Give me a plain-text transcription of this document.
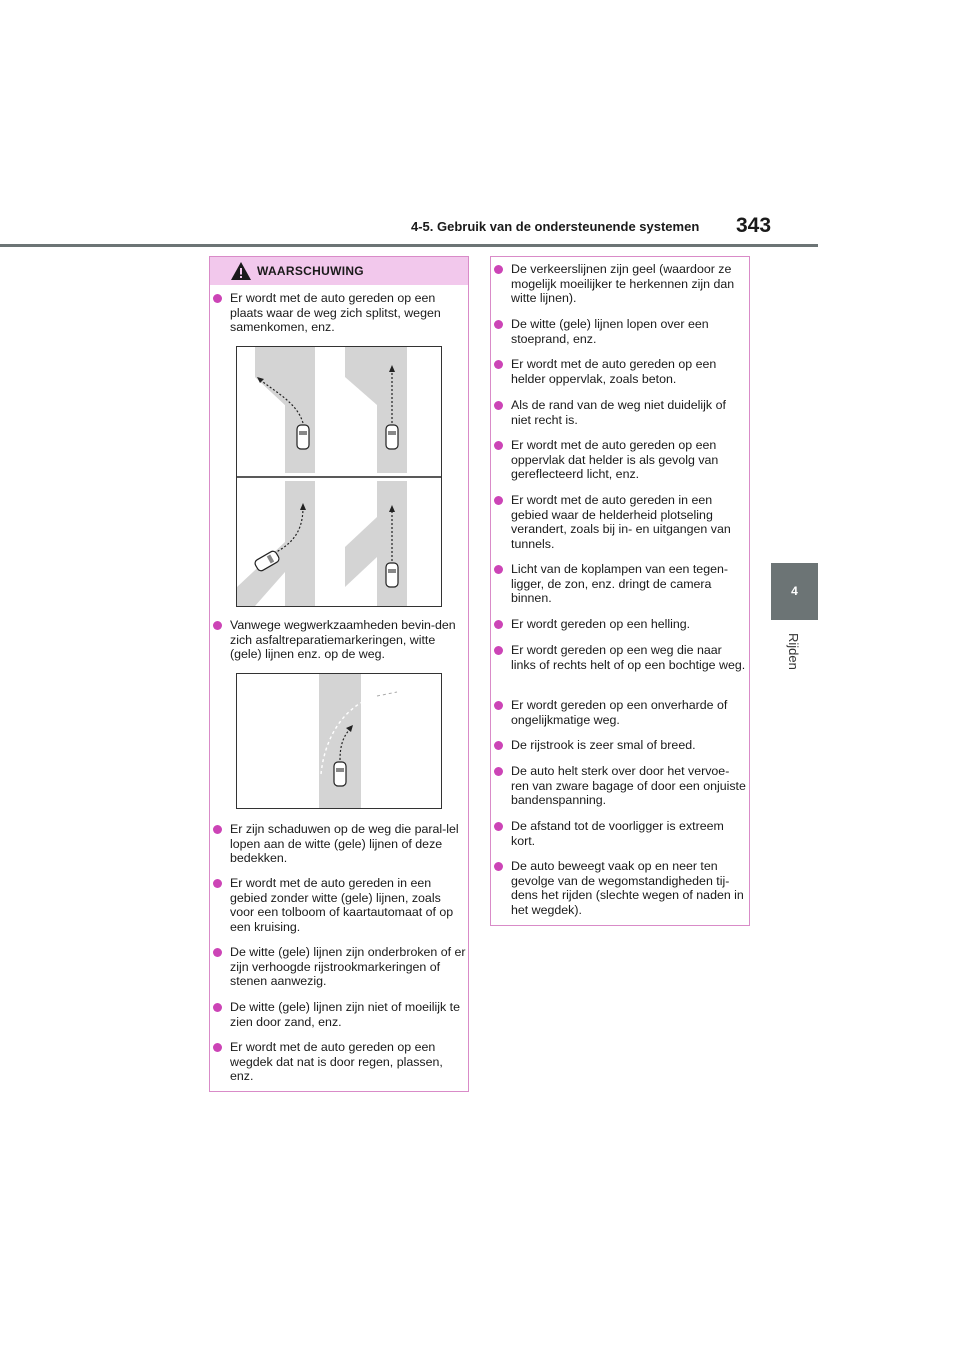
4-5. Gebruik van de ondersteunende systemen 343
4
Rijden
WAARSCHUWING
Er wordt met de auto gereden op een plaats waar de weg zich splitst, wegen samenkomen, enz.
Vanwege wegwerkzaamheden bevin-den zich asfaltreparatiemarkeringen, witte (gele) lijnen enz. op de weg.
Er zijn schaduwen op de weg die paral-lel lopen aan de witte (gele) lijnen of deze bedekken.
Er wordt met de auto gereden in een gebied zonder witte (gele) lijnen, zoals voor een tolboom of kaartautomaat of op een kruising.
De witte (gele) lijnen zijn onderbroken of er zijn verhoogde rijstrookmarkeringen of stenen aanwezig.
De witte (gele) lijnen zijn niet of moeilijk te zien door zand, enz.
Er wordt met de auto gereden op een wegdek dat nat is door regen, plassen, enz.
De verkeerslijnen zijn geel (waardoor ze mogelijk moeilijker te herkennen zijn dan witte lijnen).
De witte (gele) lijnen lopen over een stoeprand, enz.
Er wordt met de auto gereden op een helder oppervlak, zoals beton.
Als de rand van de weg niet duidelijk of niet recht is.
Er wordt met de auto gereden op een oppervlak dat helder is als gevolg van gereflecteerd licht, enz.
Er wordt met de auto gereden in een gebied waar de helderheid plotseling verandert, zoals bij in- en uitgangen van tunnels.
Licht van de koplampen van een tegen-ligger, de zon, enz. dringt de camera binnen.
Er wordt gereden op een helling.
Er wordt gereden op een weg die naar links of rechts helt of op een bochtige weg.
Er wordt gereden op een onverharde of ongelijkmatige weg.
De rijstrook is zeer smal of breed.
De auto helt sterk over door het vervoe-ren van zware bagage of door een onjuiste bandenspanning.
De afstand tot de voorligger is extreem kort.
De auto beweegt vaak op en neer ten gevolge van de wegomstandigheden tij-dens het rijden (slechte wegen of naden in het wegdek).
